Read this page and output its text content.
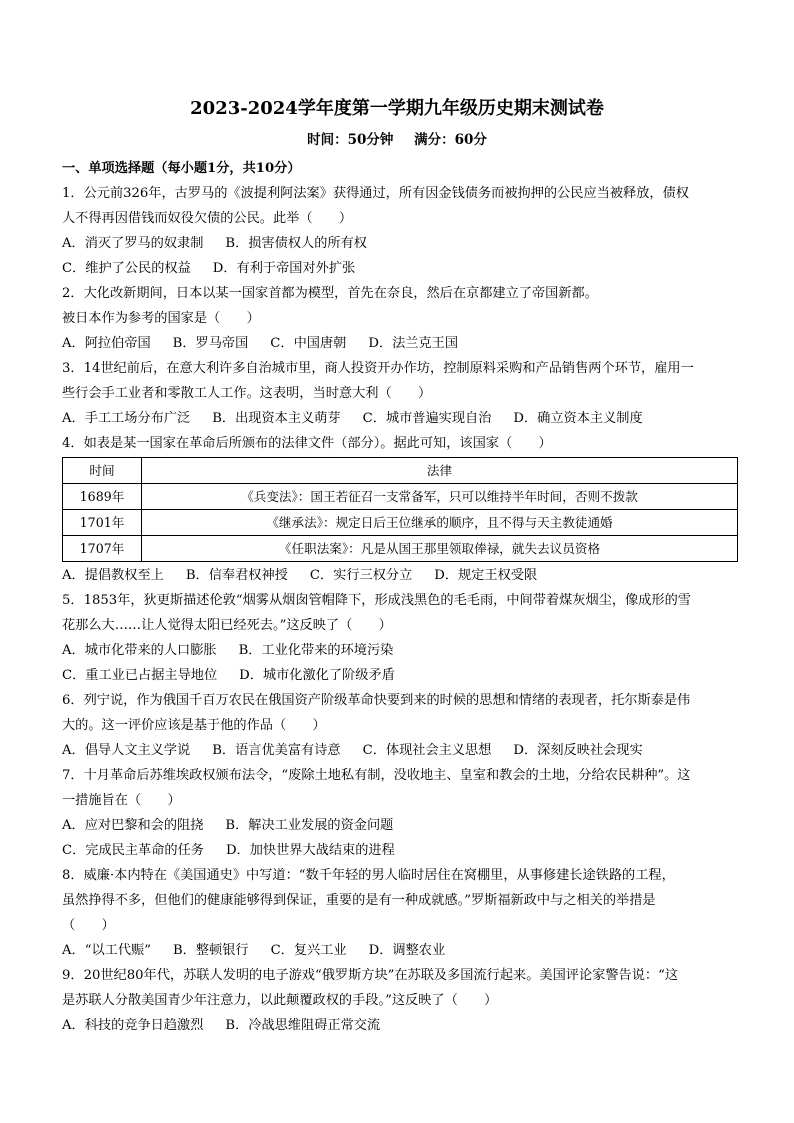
2023-2024学年度第一学期九年级历史期末测试卷
时间：50分钟 满分：60分
一、单项选择题（每小题1分，共10分）
1．公元前326年，古罗马的《波提利阿法案》获得通过，所有因金钱债务而被拘押的公民应当被释放，债权
人不得再因借钱而奴役欠债的公民。此举（　　）
A．消灭了罗马的奴隶制 B．损害债权人的所有权
C．维护了公民的权益 D．有利于帝国对外扩张
2．大化改新期间，日本以某一国家首都为模型，首先在奈良，然后在京都建立了帝国新都。
被日本作为参考的国家是（　　）
A．阿拉伯帝国 B．罗马帝国 C．中国唐朝 D．法兰克王国
3．14世纪前后，在意大利许多自治城市里，商人投资开办作坊，控制原料采购和产品销售两个环节，雇用一
些行会手工业者和零散工人工作。这表明，当时意大利（　　）
A．手工工场分布广泛 B．出现资本主义萌芽 C．城市普遍实现自治 D．确立资本主义制度
4．如表是某一国家在革命后所颁布的法律文件（部分）。据此可知，该国家（　　）
时间	法律
1689年	《兵变法》：国王若征召一支常备军，只可以维持半年时间，否则不拨款
1701年	《继承法》：规定日后王位继承的顺序，且不得与天主教徒通婚
1707年	《任职法案》：凡是从国王那里领取俸禄，就失去议员资格
A．提倡教权至上 B．信奉君权神授 C．实行三权分立 D．规定王权受限
5．1853年，狄更斯描述伦敦“烟雾从烟囱管帽降下，形成浅黑色的毛毛雨，中间带着煤灰烟尘，像成形的雪
花那么大……让人觉得太阳已经死去。”这反映了（　　）
A．城市化带来的人口膨胀 B．工业化带来的环境污染
C．重工业已占据主导地位 D．城市化激化了阶级矛盾
6．列宁说，作为俄国千百万农民在俄国资产阶级革命快要到来的时候的思想和情绪的表现者，托尔斯泰是伟
大的。这一评价应该是基于他的作品（　　）
A．倡导人文主义学说 B．语言优美富有诗意 C．体现社会主义思想 D．深刻反映社会现实
7．十月革命后苏维埃政权颁布法令，“废除土地私有制，没收地主、皇室和教会的土地，分给农民耕种”。这
一措施旨在（　　）
A．应对巴黎和会的阻挠 B．解决工业发展的资金问题
C．完成民主革命的任务 D．加快世界大战结束的进程
8．威廉·本内特在《美国通史》中写道：“数千年轻的男人临时居住在窝棚里，从事修建长途铁路的工程，
虽然挣得不多，但他们的健康能够得到保证，重要的是有一种成就感。”罗斯福新政中与之相关的举措是
（　　）
A．“以工代赈” B．整顿银行 C．复兴工业 D．调整农业
9．20世纪80年代，苏联人发明的电子游戏“俄罗斯方块”在苏联及多国流行起来。美国评论家警告说：“这
是苏联人分散美国青少年注意力，以此颠覆政权的手段。”这反映了（　　）
A．科技的竞争日趋激烈 B．冷战思维阻碍正常交流
